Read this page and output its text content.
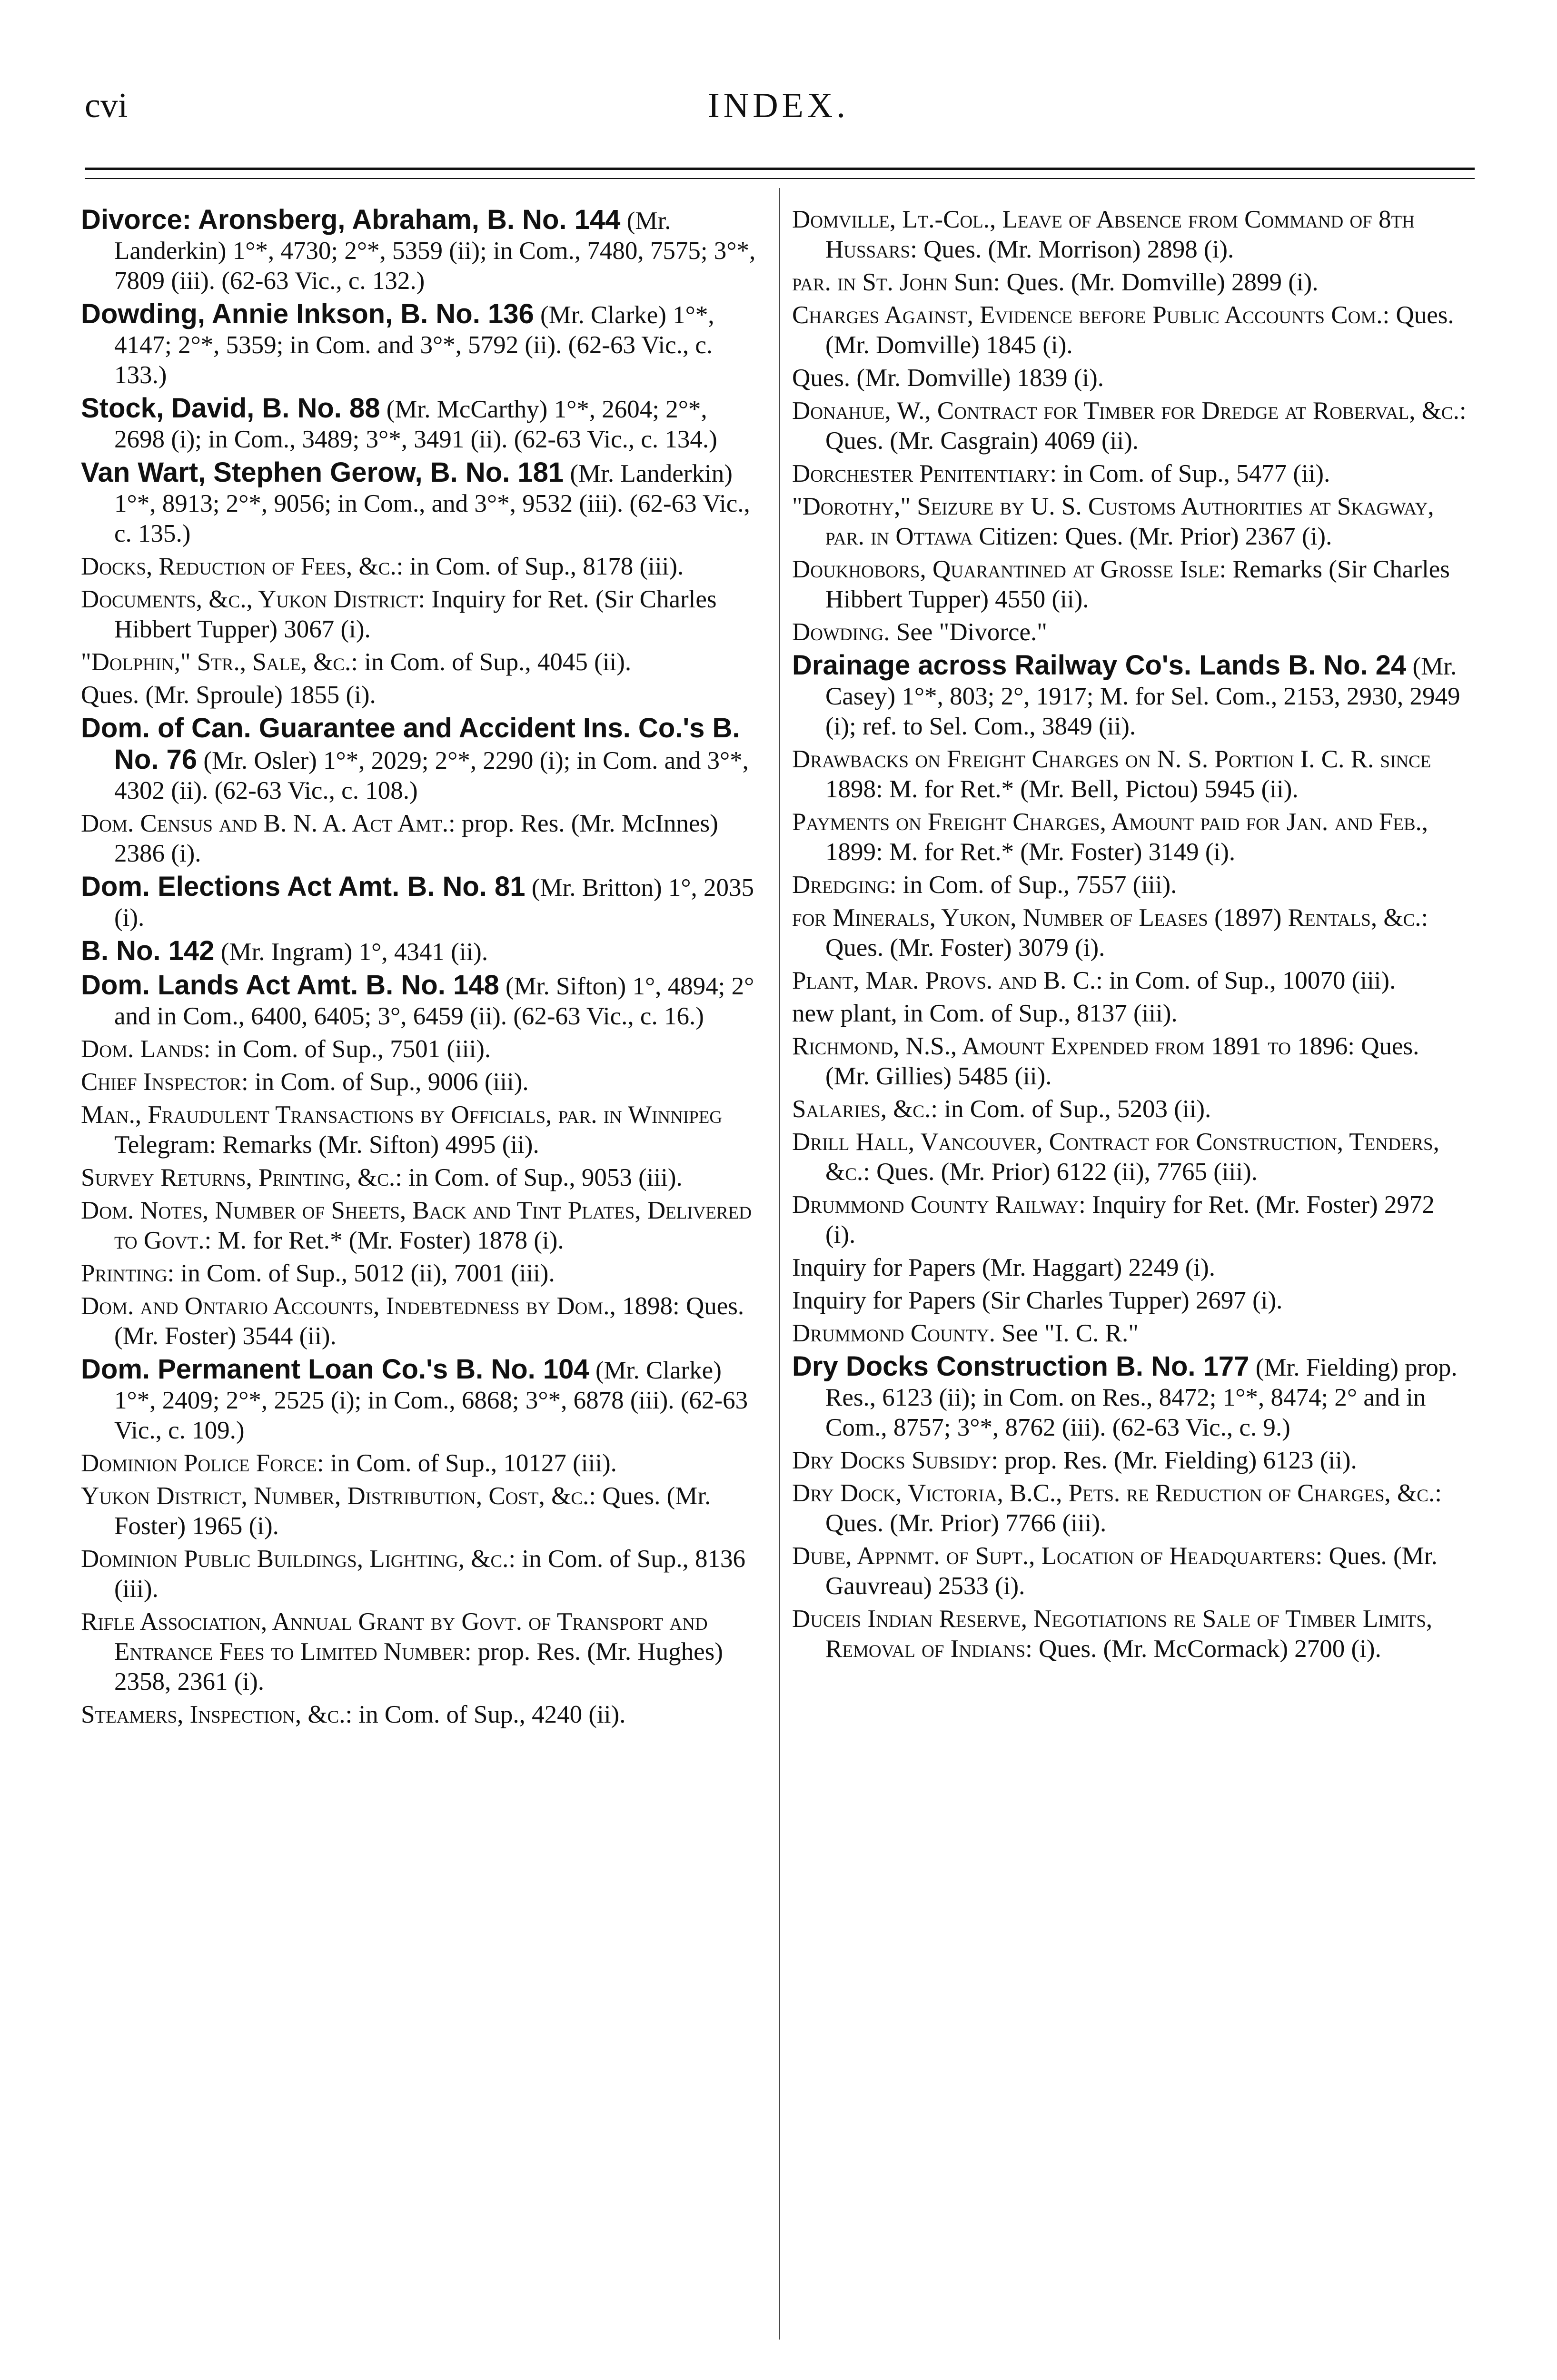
cvi	INDEX.

Divorce: Aronsberg, Abraham, B. No. 144 (Mr. Landerkin) 1°*, 4730; 2°*, 5359 (ii); in Com., 7480, 7575; 3°*, 7809 (iii). (62-63 Vic., c. 132.)

Dowding, Annie Inkson, B. No. 136 (Mr. Clarke) 1°*, 4147; 2°*, 5359; in Com. and 3°*, 5792 (ii). (62-63 Vic., c. 133.)

Stock, David, B. No. 88 (Mr. McCarthy) 1°*, 2604; 2°*, 2698 (i); in Com., 3489; 3°*, 3491 (ii). (62-63 Vic., c. 134.)

Van Wart, Stephen Gerow, B. No. 181 (Mr. Landerkin) 1°*, 8913; 2°*, 9056; in Com., and 3°*, 9532 (iii). (62-63 Vic., c. 135.)

Docks, Reduction of Fees, &c.: in Com. of Sup., 8178 (iii).

Documents, &c., Yukon District: Inquiry for Ret. (Sir Charles Hibbert Tupper) 3067 (i).

"Dolphin," Str., Sale, &c.: in Com. of Sup., 4045 (ii).

Ques. (Mr. Sproule) 1855 (i).

Dom. of Can. Guarantee and Accident Ins. Co.'s B. No. 76 (Mr. Osler) 1°*, 2029; 2°*, 2290 (i); in Com. and 3°*, 4302 (ii). (62-63 Vic., c. 108.)

Dom. Census and B. N. A. Act Amt.: prop. Res. (Mr. McInnes) 2386 (i).

Dom. Elections Act Amt. B. No. 81 (Mr. Britton) 1°, 2035 (i).

B. No. 142 (Mr. Ingram) 1°, 4341 (ii).

Dom. Lands Act Amt. B. No. 148 (Mr. Sifton) 1°, 4894; 2° and in Com., 6400, 6405; 3°, 6459 (ii). (62-63 Vic., c. 16.)

Dom. Lands: in Com. of Sup., 7501 (iii).

Chief Inspector: in Com. of Sup., 9006 (iii).

Man., Fraudulent Transactions by Officials, par. in Winnipeg Telegram: Remarks (Mr. Sifton) 4995 (ii).

Survey Returns, Printing, &c.: in Com. of Sup., 9053 (iii).

Dom. Notes, Number of Sheets, Back and Tint Plates, Delivered to Govt.: M. for Ret.* (Mr. Foster) 1878 (i).

Printing: in Com. of Sup., 5012 (ii), 7001 (iii).

Dom. and Ontario Accounts, Indebtedness by Dom., 1898: Ques. (Mr. Foster) 3544 (ii).

Dom. Permanent Loan Co.'s B. No. 104 (Mr. Clarke) 1°*, 2409; 2°*, 2525 (i); in Com., 6868; 3°*, 6878 (iii). (62-63 Vic., c. 109.)

Dominion Police Force: in Com. of Sup., 10127 (iii).

Yukon District, Number, Distribution, Cost, &c.: Ques. (Mr. Foster) 1965 (i).

Dominion Public Buildings, Lighting, &c.: in Com. of Sup., 8136 (iii).

Rifle Association, Annual Grant by Govt. of Transport and Entrance Fees to Limited Number: prop. Res. (Mr. Hughes) 2358, 2361 (i).

Steamers, Inspection, &c.: in Com. of Sup., 4240 (ii).

Domville, Lt.-Col., Leave of Absence from Command of 8th Hussars: Ques. (Mr. Morrison) 2898 (i).

par. in St. John Sun: Ques. (Mr. Domville) 2899 (i).

Charges Against, Evidence before Public Accounts Com.: Ques. (Mr. Domville) 1845 (i).

Ques. (Mr. Domville) 1839 (i).

Donahue, W., Contract for Timber for Dredge at Roberval, &c.: Ques. (Mr. Casgrain) 4069 (ii).

Dorchester Penitentiary: in Com. of Sup., 5477 (ii).

"Dorothy," Seizure by U. S. Customs Authorities at Skagway, par. in Ottawa Citizen: Ques. (Mr. Prior) 2367 (i).

Doukhobors, Quarantined at Grosse Isle: Remarks (Sir Charles Hibbert Tupper) 4550 (ii).

Dowding. See "Divorce."

Drainage across Railway Co's. Lands B. No. 24 (Mr. Casey) 1°*, 803; 2°, 1917; M. for Sel. Com., 2153, 2930, 2949 (i); ref. to Sel. Com., 3849 (ii).

Drawbacks on Freight Charges on N. S. Portion I. C. R. since 1898: M. for Ret.* (Mr. Bell, Pictou) 5945 (ii).

Payments on Freight Charges, Amount paid for Jan. and Feb., 1899: M. for Ret.* (Mr. Foster) 3149 (i).

Dredging: in Com. of Sup., 7557 (iii).

for Minerals, Yukon, Number of Leases (1897) Rentals, &c.: Ques. (Mr. Foster) 3079 (i).

Plant, Mar. Provs. and B. C.: in Com. of Sup., 10070 (iii).

new plant, in Com. of Sup., 8137 (iii).

Richmond, N.S., Amount Expended from 1891 to 1896: Ques. (Mr. Gillies) 5485 (ii).

Salaries, &c.: in Com. of Sup., 5203 (ii).

Drill Hall, Vancouver, Contract for Construction, Tenders, &c.: Ques. (Mr. Prior) 6122 (ii), 7765 (iii).

Drummond County Railway: Inquiry for Ret. (Mr. Foster) 2972 (i).

Inquiry for Papers (Mr. Haggart) 2249 (i).

Inquiry for Papers (Sir Charles Tupper) 2697 (i).

Drummond County. See "I. C. R."

Dry Docks Construction B. No. 177 (Mr. Fielding) prop. Res., 6123 (ii); in Com. on Res., 8472; 1°*, 8474; 2° and in Com., 8757; 3°*, 8762 (iii). (62-63 Vic., c. 9.)

Dry Docks Subsidy: prop. Res. (Mr. Fielding) 6123 (ii).

Dry Dock, Victoria, B.C., Pets. re Reduction of Charges, &c.: Ques. (Mr. Prior) 7766 (iii).

Dube, Appnmt. of Supt., Location of Headquarters: Ques. (Mr. Gauvreau) 2533 (i).

Duceis Indian Reserve, Negotiations re Sale of Timber Limits, Removal of Indians: Ques. (Mr. McCormack) 2700 (i).
